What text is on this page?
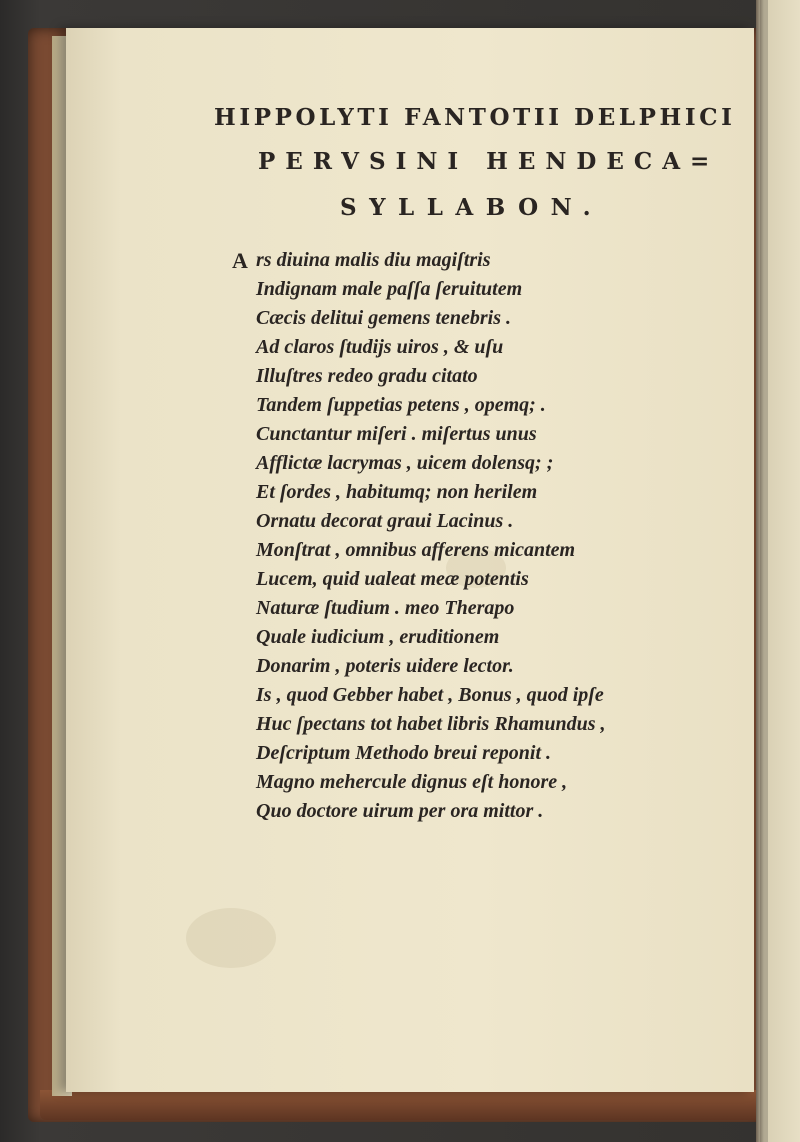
HIPPOLYTI FANTOTII DELPHICI
PERVSINI HENDECA=
SYLLABON.
A rs diuina malis diu magiſtris
Indignam male paſſa ſeruitutem
Cæcis delitui gemens tenebris .
Ad claros ſtudijs uiros , & uſu
Illuſtres redeo gradu citato
Tandem ſuppetias petens , opemq; .
Cunctantur miſeri . miſertus unus
Afflictæ lacrymas , uicem dolensq; ;
Et ſordes , habitumq; non herilem
Ornatu decorat graui Lacinus .
Monſtrat , omnibus afferens micantem
Lucem, quid ualeat meæ potentis
Naturæ ſtudium . meo Therapo
Quale iudicium , eruditionem
Donarim , poteris uidere lector.
Is , quod Gebber habet , Bonus , quod ipſe
Huc ſpectans tot habet libris Rhamundus ,
Deſcriptum Methodo breui reponit .
Magno mehercule dignus eſt honore ,
Quo doctore uirum per ora mittor .
